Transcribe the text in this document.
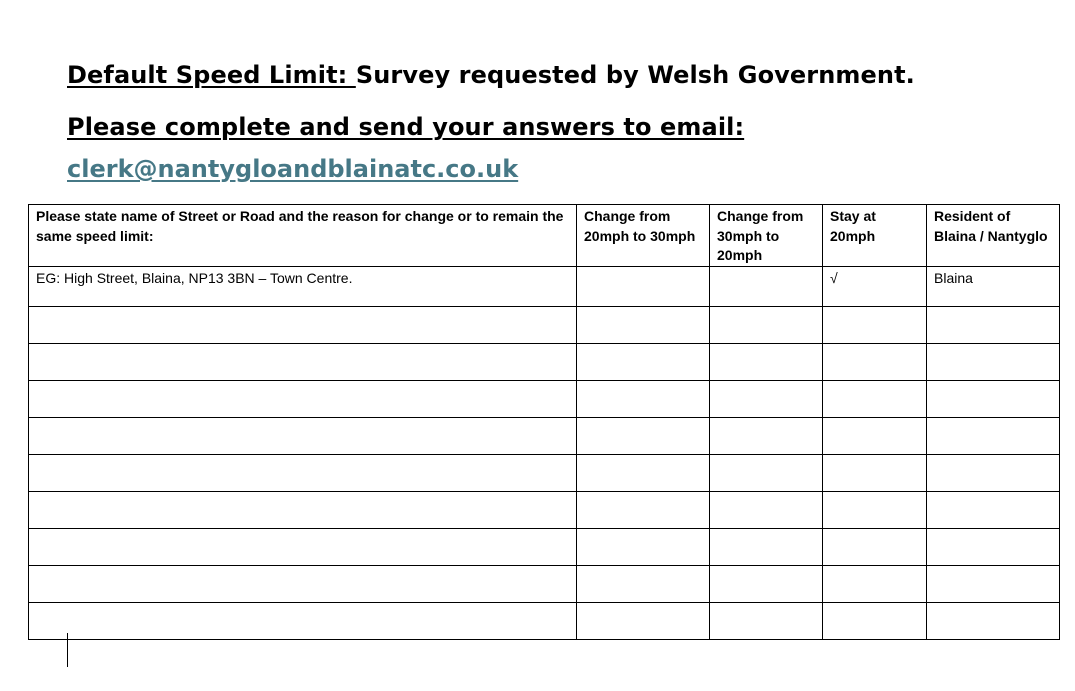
Default Speed Limit: Survey requested by Welsh Government.
Please complete and send your answers to email:
clerk@nantygloandblainatc.co.uk
Please state name of Street or Road and the reason for change or to remain the same speed limit:	Change from 20mph to 30mph	Change from 30mph to 20mph	Stay at 20mph	Resident of Blaina / Nantyglo
EG: High Street, Blaina, NP13 3BN – Town Centre.			√	Blaina
